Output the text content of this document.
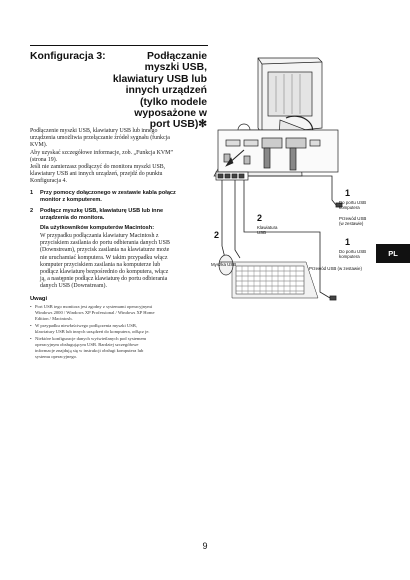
Konfiguracja 3:	Podłączanie
myszki USB,
klawiatury USB lub
innych urządzeń
(tylko modele
wyposażone w
port USB)✻
Podłączenie myszki USB, klawiatury USB lub innego
urządzenia umożliwia przełączanie źródeł sygnału (funkcja
KVM).
Aby uzyskać szczegółowe informacje, zob. „Funkcja KVM”
(strona 19).
Jeśli nie zamierzasz podłączyć do monitora myszki USB,
klawiatury USB ani innych urządzeń, przejdź do punktu
Konfiguracja 4.
1 Przy pomocy dołączonego w zestawie kabla połącz
monitor z komputerem.
2 Podłącz myszkę USB, klawiaturę USB lub inne
urządzenia do monitora.
Dla użytkowników komputerów Macintosh:
W przypadku podłączania klawiatury Macintosh z
przyciskiem zasilania do portu odbierania danych USB
(Downstream), przycisk zasilania na klawiaturze może
nie uruchamiać komputera. W takim przypadku włącz
komputer przyciskiem zasilania na komputerze lub
podłącz klawiaturę bezpośrednio do komputera, włącz
ją, a następnie podłącz klawiaturę do portu odbierania
danych USB (Downstream).
Uwagi
• Port USB tego monitora jest zgodny z systemami operacyjnymi
Windows 2000 / Windows XP Professional / Windows XP Home
Edition / Macintosh.
• W przypadku niewłaściwego podłączenia myszki USB,
klawiatury USB lub innych urządzeń do komputera, odłącz je.
• Niektóre konfiguracje danych wyświetlanych pod systemem
operacyjnym obsługującym USB. Bardziej szczegółowe
informacje znajdują się w instrukcji obsługi komputera lub
systemu operacyjnego.
1
Do portu USB
komputera
Przewód USB
(w zestawie)
2
Klawiatura
USB
2
Myszka USB
1
Do portu USB
komputera
Przewód USB (w zestawie)
PL
9
